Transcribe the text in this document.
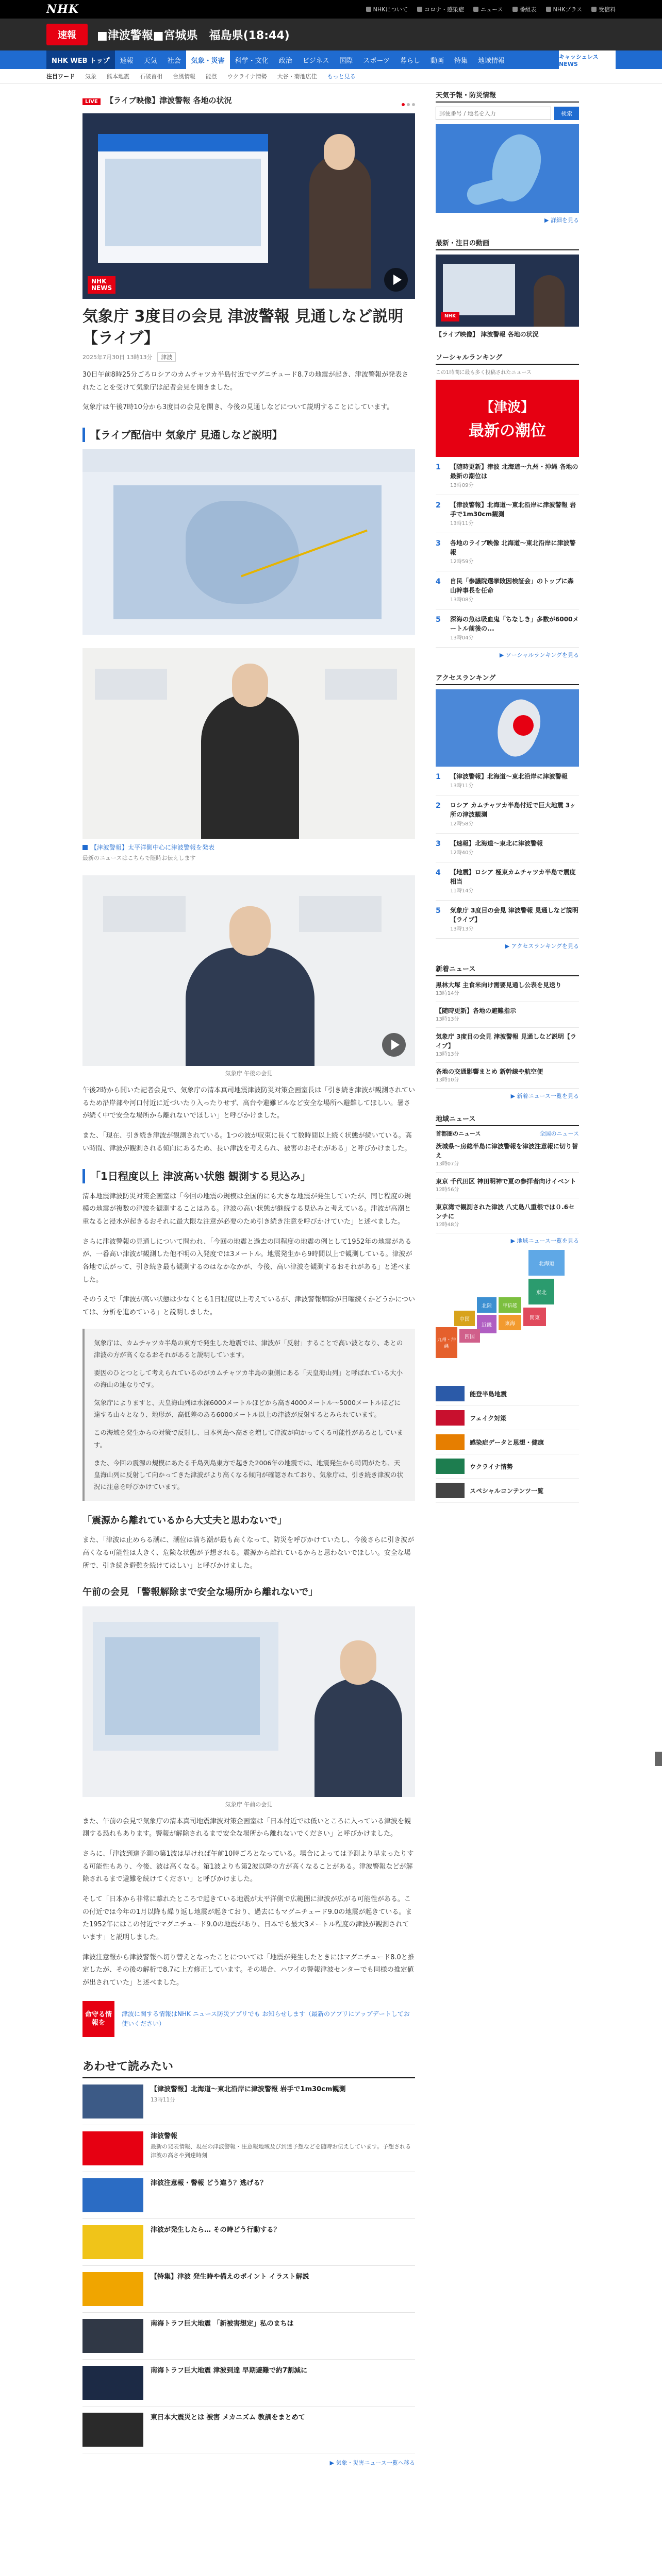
NHK	NHKについて	コロナ・感染症	ニュース	番組表	NHKプラス	受信料
速報	■津波警報■宮城県　福島県(18:44)
NHK WEB トップ	速報	天気	社会	気象・災害	科学・文化	政治	ビジネス	国際	スポーツ	暮らし	動画	特集	地域情報
キャッシュレス NEWS
注目ワード 気象 熊本地震 石破首相 台風情報 能登 ウクライナ情勢 大谷・菊池広佳 もっと見る
LIVE 【ライブ映像】津波警報 各地の状況
NHK
NEWS
気象庁 3度目の会見 津波警報 見通しなど説明【ライブ】
2025年7月30日 13時13分	津波

30日午前8時25分ごろロシアのカムチャツカ半島付近でマグニチュード8.7の地震が起き、津波警報が発表されたことを受けて気象庁は記者会見を開きました。

気象庁は午後7時10分から3度目の会見を開き、今後の見通しなどについて説明することにしています。

【ライブ配信中 気象庁 見通しなど説明】
【津波警報】太平洋側中心に津波警報を発表
最新のニュースはこちらで随時お伝えします
気象庁 午後の会見

午後2時から開いた記者会見で、気象庁の清本真司地震津波防災対策企画室長は「引き続き津波が観測されているため沿岸部や河口付近に近づいたり入ったりせず、高台や避難ビルなど安全な場所へ避難してほしい。暑さが続く中で安全な場所から離れないでほしい」と呼びかけました。

また、「現在、引き続き津波が観測されている。1つの波が収束に長くて数時間以上続く状態が続いている。高い時間、津波が観測される傾向にあるため、長い津波を考えられ、被害のおそれがある」と呼びかけました。

「1日程度以上 津波高い状態 観測する見込み」

清本地震津波防災対策企画室は「今回の地震の規模は全国的にも大きな地震が発生していたが、同じ程度の規模の地震が複数の津波を観測することはある。津波の高い状態が継続する見込みと考えている。津波が高潮と重なると浸水が起きるおそれに最大限な注意が必要のため引き続き注意を呼びかけていた」と述べました。

さらに津波警報の見通しについて問われ、「今回の地震と過去の同程度の地震の例として1952年の地震があるが、一番高い津波が観測した他不明の入発度では3メートル。地震発生から9時間以上で観測している。津波が各地で広がって、引き続き最も観測するのはなかなかが、今後、高い津波を観測するおそれがある」と述べました。

そのうえで「津波が高い状態は少なくとも1日程度以上考えているが、津波警報解除が日曜続くかどうかについては、分析を進めている」と説明しました。

気象庁は、カムチャツカ半島の東方で発生した地震では、津波が「反射」することで高い波となり、あとの津波の方が高くなるおそれがあると説明しています。

要因のひとつとして考えられているのがカムチャツカ半島の東側にある「天皇海山列」と呼ばれている大小の海山の連なりです。

気象庁によりますと、天皇海山列は水深6000メートルほどから高さ4000メートル〜5000メートルほどに達する山々となり、地形が、高低差のある6000メートル以上の津波が反射するとみられています。

この海域を発生からの対策で反射し、日本列島へ高さを増して津波が向かってくる可能性があるとしています。

また、今回の震源の規模にあたる千島列島東方で起きた2006年の地震では、地震発生から時間がたち、天皇海山列に反射して向かってきた津波がより高くなる傾向が確認されており、気象庁は、引き続き津波の状況に注意を呼びかけています。

「震源から離れているから大丈夫と思わないで」

また、「津波は止めらる潮に、潮位は満ち潮が最も高くなって、防災を呼びかけていたし、今後さらに引き波が高くなる可能性は大きく、危険な状態が予想される。震源から離れているからと思わないでほしい。安全な場所で、引き続き避難を続けてほしい」と呼びかけました。

午前の会見 「警報解除まで安全な場所から離れないで」
気象庁 午前の会見

また、午前の会見で気象庁の清本真司地震津波対策企画室は「日本付近では低いところに入っている津波を観測する恐れもあります。警報が解除されるまで安全な場所から離れないでください」と呼びかけました。

さらに、「津波到達予測の第1波は早ければ午前10時ごろとなっている。場合によっては予測より早まったりする可能性もあり、今後、波は高くなる。第1波よりも第2波以降の方が高くなることがある。津波警報などが解除されるまで避難を続けてください」と呼びかけました。

そして「日本から非常に離れたところで起きている地震が太平洋側で広範囲に津波が広がる可能性がある。この付近では今年の1月以降も繰り返し地震が起きており、過去にもマグニチュード9.0の地震が起きている。また1952年にはこの付近でマグニチュード9.0の地震があり、日本でも最大3メートル程度の津波が観測されています」と説明しました。

津波注意報から津波警報へ切り替えとなったことについては「地震が発生したときにはマグニチュード8.0と推定したが、その後の解析で8.7に上方修正しています。その場合、ハワイの警報津波センターでも同様の推定値が出されていた」と述べました。

命守る情報を
津波に関する情報はNHK ニュース防災アプリでも お知らせします（最新のアプリにアップデートしてお使いください）
あわせて読みたい
【津波警報】北海道〜東北沿岸に津波警報 岩手で1m30cm観測
13時11分
津波警報
最新の発表情報、現在の津波警報・注意報地域及び到達予想などを随時お伝えしています。予想される津波の高さや到達時刻
津波注意報・警報 どう違う？逃げる？
津波が発生したら… その時どう行動する？
【特集】津波 発生時や備えのポイント イラスト解説
南海トラフ巨大地震 「新被害想定」私のまちは
南海トラフ巨大地震 津波到達 早期避難で約7割減に
東日本大震災とは 被害 メカニズム 教訓をまとめて
▶ 気象・災害ニュース一覧へ移る
天気予報・防災情報
郵便番号 / 地名を入力
検索
▶ 詳細を見る
最新・注目の動画
NHK
【ライブ映像】 津波警報 各地の状況
ソーシャルランキング
この1時間に最も多く投稿されたニュース
【津波】
最新の潮位
1	【随時更新】津波 北海道〜九州・沖縄 各地の最新の潮位は
13時09分
2	【津波警報】北海道〜東北沿岸に津波警報 岩手で1m30cm観測
13時11分
3	各地のライブ映像 北海道〜東北沿岸に津波警報
12時59分
4	自民「参議院選挙敗因検証会」のトップに森山幹事長を任命
13時08分
5	深海の魚は吸血鬼「ちなしき」多数が6000メートル前後の...
13時04分
▶ ソーシャルランキングを見る
アクセスランキング
1	【津波警報】北海道〜東北沿岸に津波警報
13時11分
2	ロシア カムチャツカ半島付近で巨大地震 3ヶ所の津波観測
12時58分
3	【速報】北海道〜東北に津波警報
12時40分
4	【地震】ロシア 極東カムチャツカ半島で震度相当
11時14分
5	気象庁 3度目の会見 津波警報 見通しなど説明【ライブ】
13時13分
▶ アクセスランキングを見る
新着ニュース
黒林大塚 主食米向け需要見通し公表を見送り
13時14分
【随時更新】各地の避難指示
13時13分
気象庁 3度目の会見 津波警報 見通しなど説明【ライブ】
13時13分
各地の交通影響まとめ 新幹線や航空便
13時10分
▶ 新着ニュース一覧を見る
地域ニュース
首都圏のニュース	全国のニュース
茨城県〜房総半島に津波警報を津波注意報に切り替え
13時07分
東京 千代田区 神田明神で夏の参拝者向けイベント
12時56分
東京湾で観測された津波 八丈島八重根では０.6センチに
12時48分
▶ 地域ニュース一覧を見る
北海道
東北
関東
甲信越
東海
北陸
近畿
中国
四国
九州・沖縄
能登半島地震
フェイク対策
感染症データと思想・健康
ウクライナ情勢
スペシャルコンテンツ一覧
